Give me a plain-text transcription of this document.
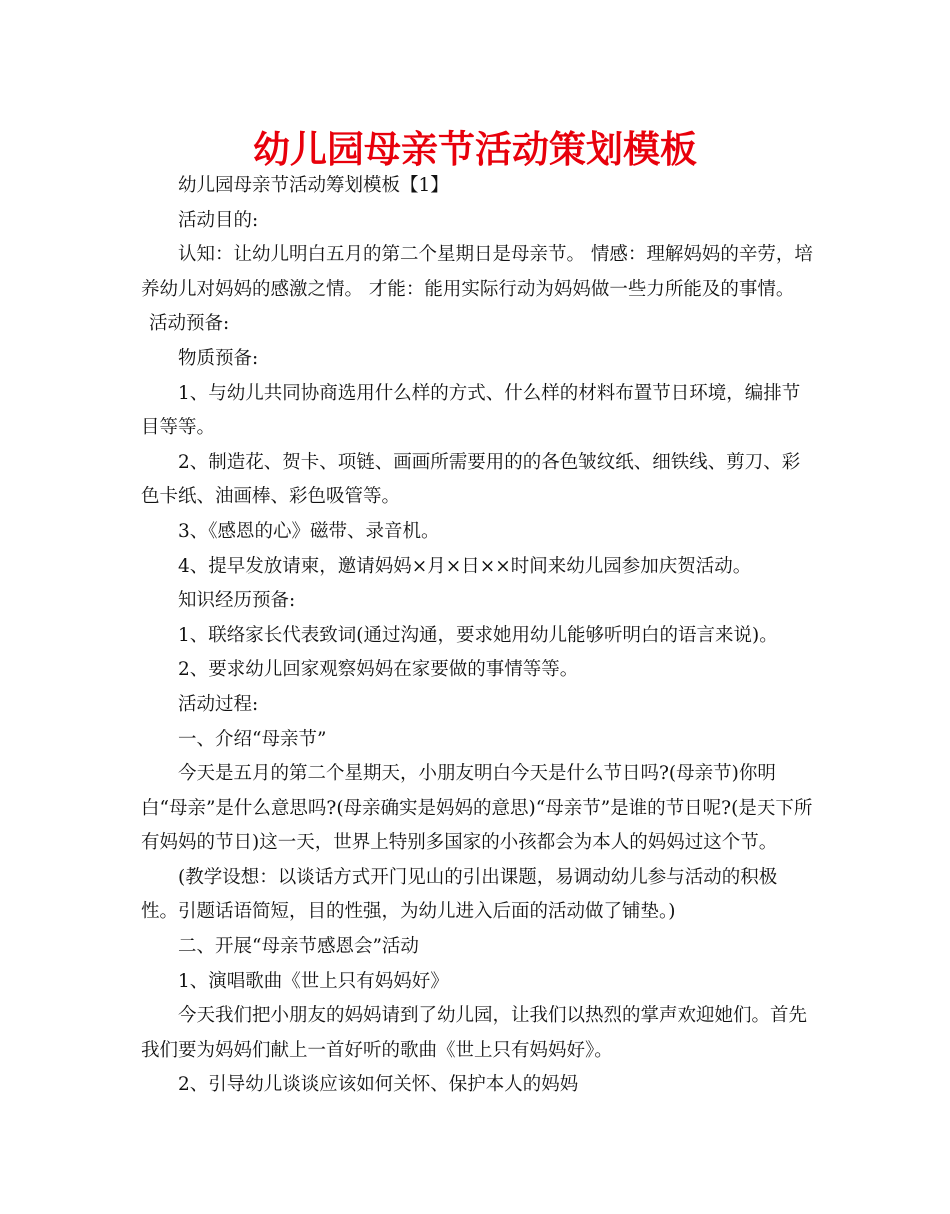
幼儿园母亲节活动策划模板

幼儿园母亲节活动筹划模板【1】

活动目的:

认知：让幼儿明白五月的第二个星期日是母亲节。 情感：理解妈妈的辛劳，培养幼儿对妈妈的感激之情。 才能：能用实际行动为妈妈做一些力所能及的事情。

活动预备:

物质预备:

1、与幼儿共同协商选用什么样的方式、什么样的材料布置节日环境，编排节目等等。

2、制造花、贺卡、项链、画画所需要用的的各色皱纹纸、细铁线、剪刀、彩色卡纸、油画棒、彩色吸管等。

3、《感恩的心》磁带、录音机。

4、提早发放请柬，邀请妈妈×月×日××时间来幼儿园参加庆贺活动。

知识经历预备:

1、联络家长代表致词(通过沟通，要求她用幼儿能够听明白的语言来说)。

2、要求幼儿回家观察妈妈在家要做的事情等等。

活动过程:

一、介绍“母亲节”

今天是五月的第二个星期天，小朋友明白今天是什么节日吗?(母亲节)你明白“母亲”是什么意思吗?(母亲确实是妈妈的意思)“母亲节”是谁的节日呢?(是天下所有妈妈的节日)这一天，世界上特别多国家的小孩都会为本人的妈妈过这个节。

(教学设想：以谈话方式开门见山的引出课题，易调动幼儿参与活动的积极性。引题话语简短，目的性强，为幼儿进入后面的活动做了铺垫。)

二、开展“母亲节感恩会”活动

1、演唱歌曲《世上只有妈妈好》

今天我们把小朋友的妈妈请到了幼儿园，让我们以热烈的掌声欢迎她们。首先我们要为妈妈们献上一首好听的歌曲《世上只有妈妈好》。

2、引导幼儿谈谈应该如何关怀、保护本人的妈妈
